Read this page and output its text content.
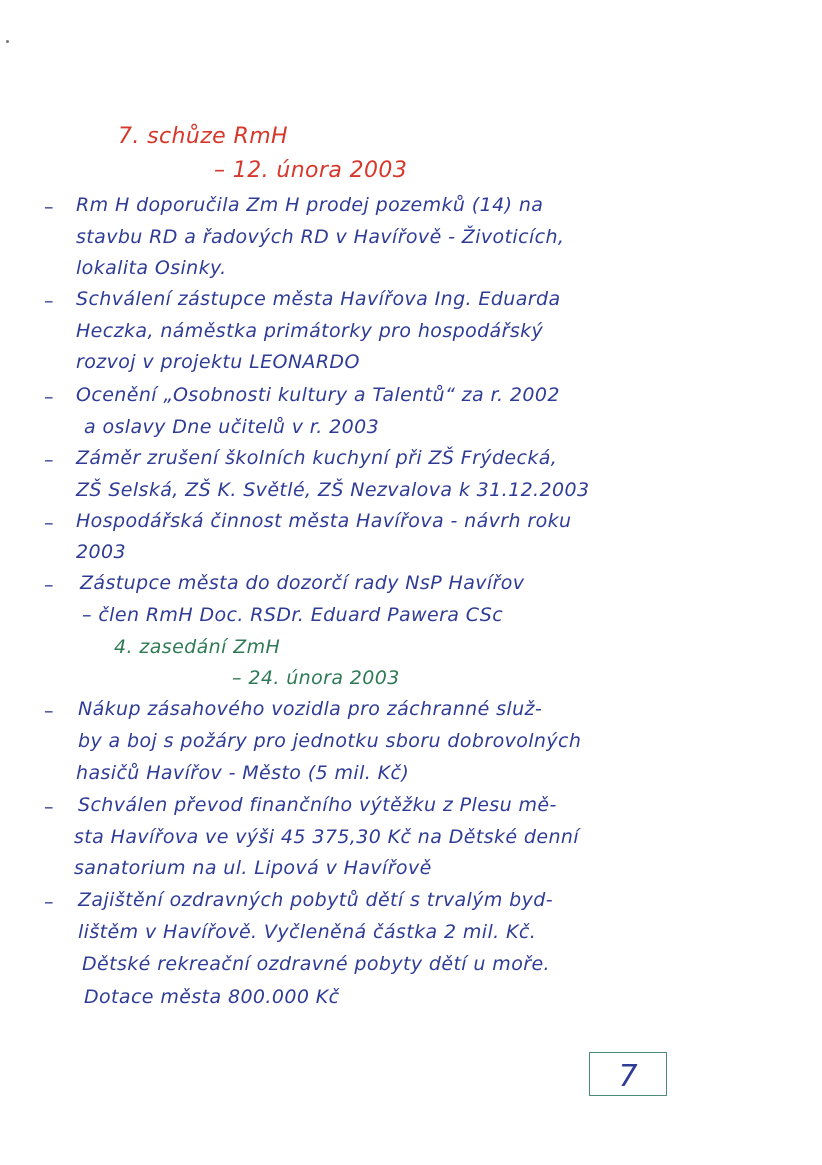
7. schůze RmH
– 12. února 2003
–
–
–
–
–
–
Rm H doporučila Zm H prodej pozemků (14) na
stavbu RD a řadových RD v Havířově - Životicích,
lokalita Osinky.
Schválení zástupce města Havířova Ing. Eduarda
Heczka, náměstka primátorky pro hospodářský
rozvoj v projektu LEONARDO
Ocenění „Osobnosti kultury a Talentů“ za r. 2002
a oslavy Dne učitelů v r. 2003
Záměr zrušení školních kuchyní při ZŠ Frýdecká,
ZŠ Selská, ZŠ K. Světlé, ZŠ Nezvalova k 31.12.2003
Hospodářská činnost města Havířova - návrh roku
2003
Zástupce města do dozorčí rady NsP Havířov
– člen RmH Doc. RSDr. Eduard Pawera CSc
4. zasedání ZmH
– 24. února 2003
–
–
–
Nákup zásahového vozidla pro záchranné služ-
by a boj s požáry pro jednotku sboru dobrovolných
hasičů Havířov - Město (5 mil. Kč)
Schválen převod finančního výtěžku z Plesu mě-
sta Havířova ve výši 45 375,30 Kč na Dětské denní
sanatorium na ul. Lipová v Havířově
Zajištění ozdravných pobytů dětí s trvalým byd-
lištěm v Havířově. Vyčleněná částka 2 mil. Kč.
Dětské rekreační ozdravné pobyty dětí u moře.
Dotace města 800.000 Kč
7
